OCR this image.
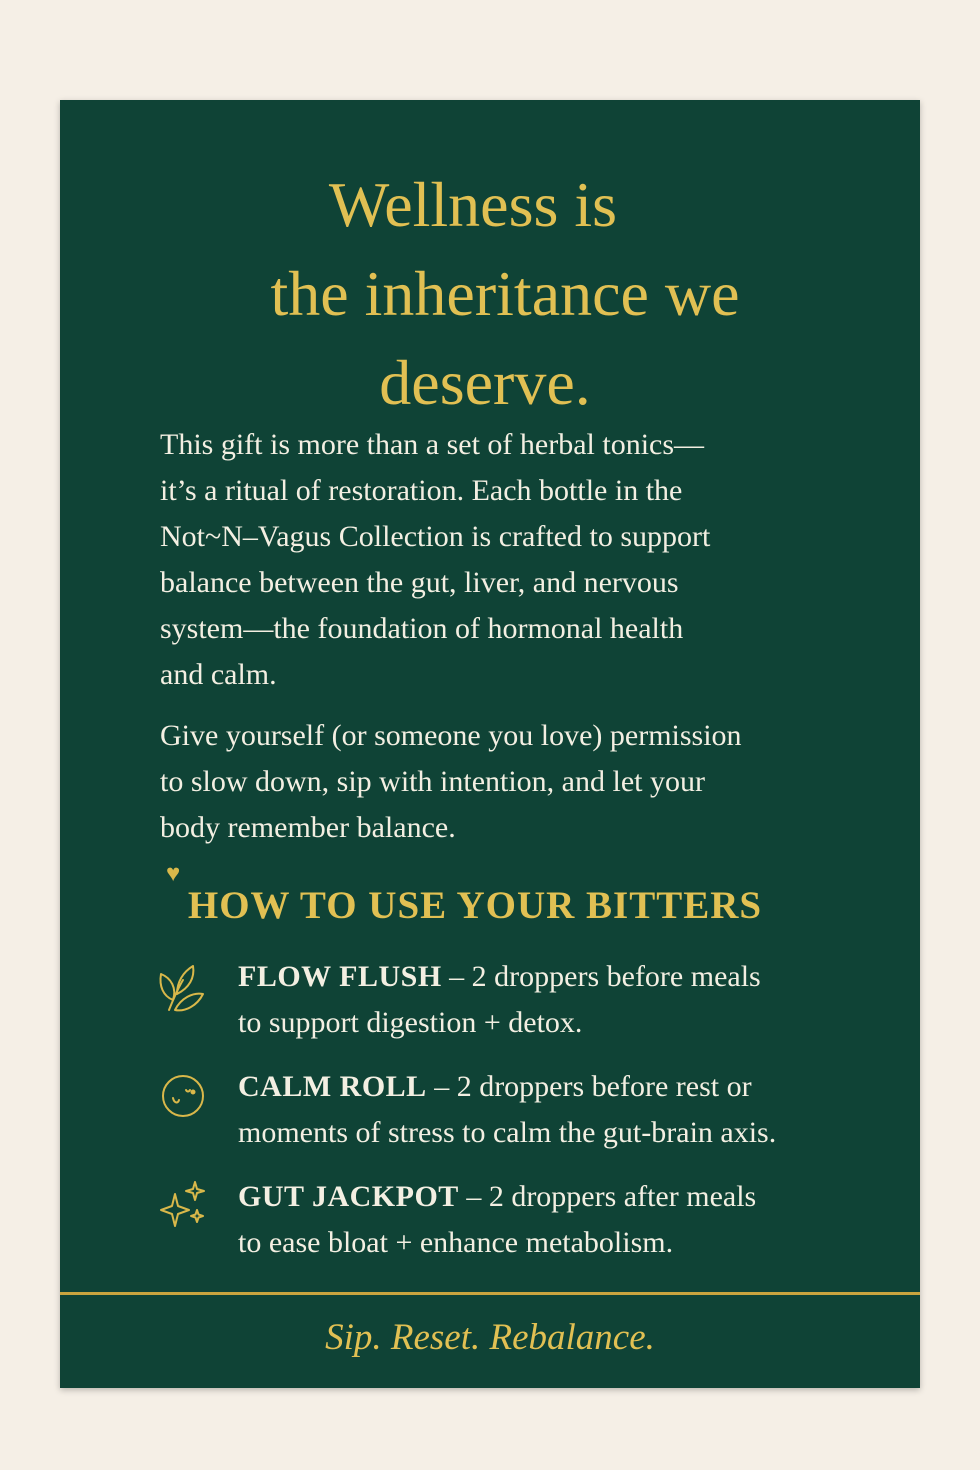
Wellness is
the inheritance we
deserve.

This gift is more than a set of herbal tonics—
it’s a ritual of restoration. Each bottle in the
Not~N–Vagus Collection is crafted to support
balance between the gut, liver, and nervous
system—the foundation of hormonal health
and calm.

Give yourself (or someone you love) permission
to slow down, sip with intention, and let your
body remember balance.
♥

HOW TO USE YOUR BITTERS
FLOW FLUSH – 2 droppers before meals
to support digestion + detox.
CALM ROLL – 2 droppers before rest or
moments of stress to calm the gut-brain axis.
GUT JACKPOT – 2 droppers after meals
to ease bloat + enhance metabolism.

Sip. Reset. Rebalance.
